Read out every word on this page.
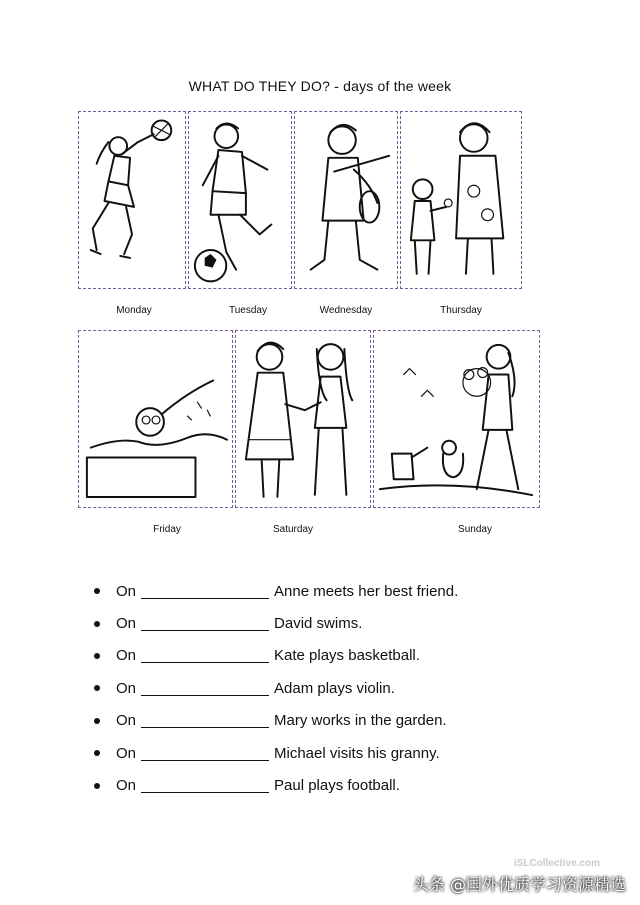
WHAT DO THEY DO? - days of the week
Monday	Tuesday	Wednesday	Thursday
Friday	Saturday	Sunday
On	Anne meets her best friend.
On	David swims.
On	Kate plays basketball.
On	Adam plays violin.
On	Mary works in the garden.
On	Michael visits his granny.
On	Paul plays football.
iSLCollective.com
头条 @国外优质学习资源精选
